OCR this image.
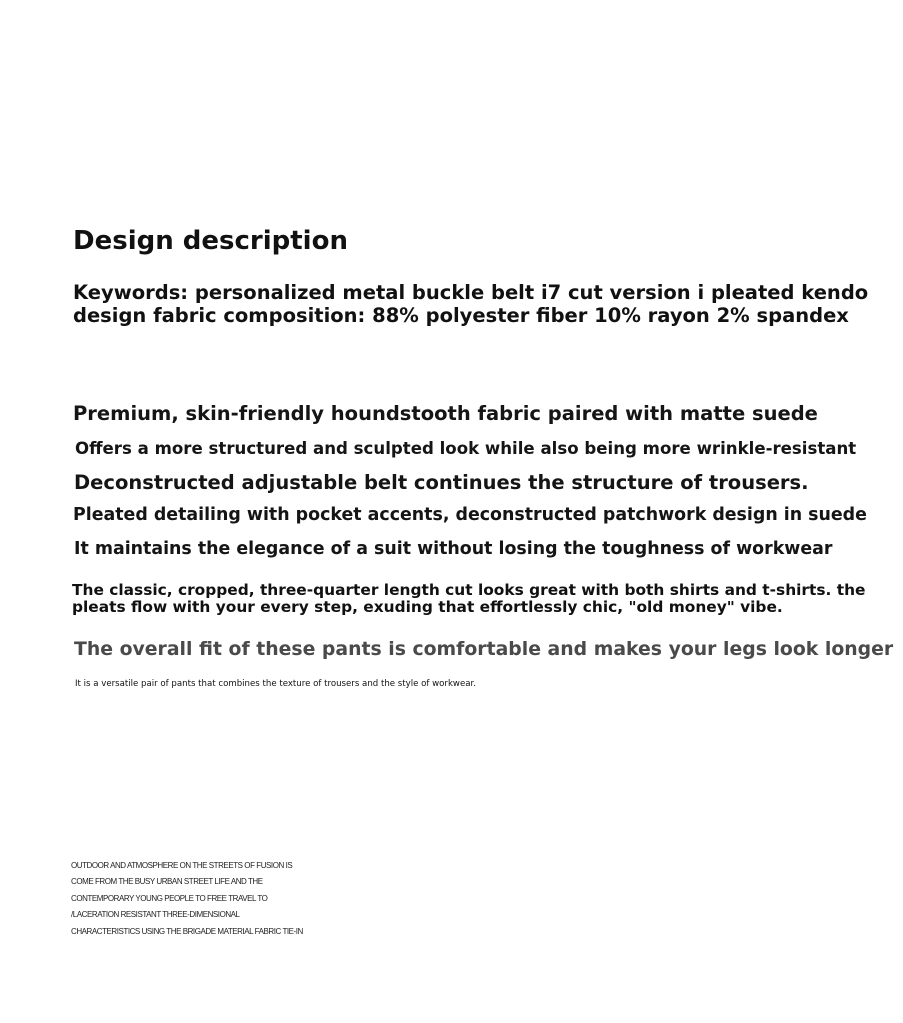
Design description
Keywords: personalized metal buckle belt i7 cut version i pleated kendo
design fabric composition: 88% polyester fiber 10% rayon 2% spandex

Premium, skin-friendly houndstooth fabric paired with matte suede

Offers a more structured and sculpted look while also being more wrinkle-resistant

Deconstructed adjustable belt continues the structure of trousers.

Pleated detailing with pocket accents, deconstructed patchwork design in suede

It maintains the elegance of a suit without losing the toughness of workwear

The classic, cropped, three-quarter length cut looks great with both shirts and t-shirts. the
pleats flow with your every step, exuding that effortlessly chic, "old money" vibe.

The overall fit of these pants is comfortable and makes your legs look longer

It is a versatile pair of pants that combines the texture of trousers and the style of workwear.

OUTDOOR AND ATMOSPHERE ON THE STREETS OF FUSION IS
COME FROM THE BUSY URBAN STREET LIFE AND THE
CONTEMPORARY YOUNG PEOPLE TO FREE TRAVEL TO
/LACERATION RESISTANT THREE-DIMENSIONAL
CHARACTERISTICS USING THE BRIGADE MATERIAL FABRIC TIE-IN
